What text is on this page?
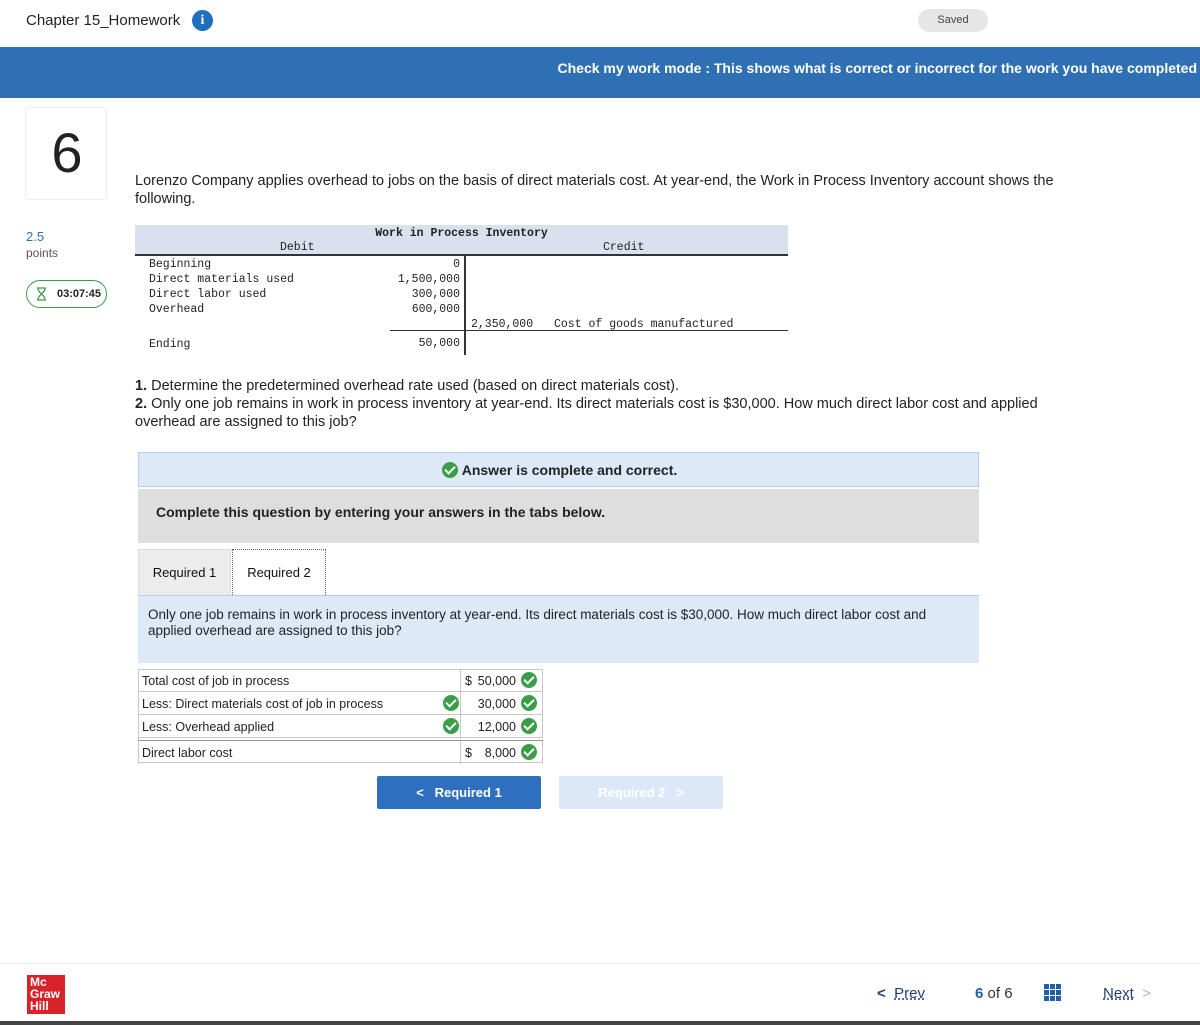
Chapter 15_Homework	i	Saved
Check my work mode : This shows what is correct or incorrect for the work you have completed
6
2.5
points
03:07:45
Lorenzo Company applies overhead to jobs on the basis of direct materials cost. At year-end, the Work in Process Inventory account shows the following.
Work in Process Inventory
Debit	Credit
Beginning	0
Direct materials used	1,500,000
Direct labor used	300,000
Overhead	600,000
2,350,000 Cost of goods manufactured
Ending	50,000
1. Determine the predetermined overhead rate used (based on direct materials cost).
2. Only one job remains in work in process inventory at year-end. Its direct materials cost is $30,000. How much direct labor cost and applied overhead are assigned to this job?
Answer is complete and correct.
Complete this question by entering your answers in the tabs below.
Required 1	Required 2
Only one job remains in work in process inventory at year-end. Its direct materials cost is $30,000. How much direct labor cost and applied overhead are assigned to this job?
Total cost of job in process	$ 50,000
Less: Direct materials cost of job in process	30,000
Less: Overhead applied	12,000
Direct labor cost	$ 8,000
< Required 1	Required 2 >
Mc
Graw
Hill
< Prev	6 of 6	Next >
